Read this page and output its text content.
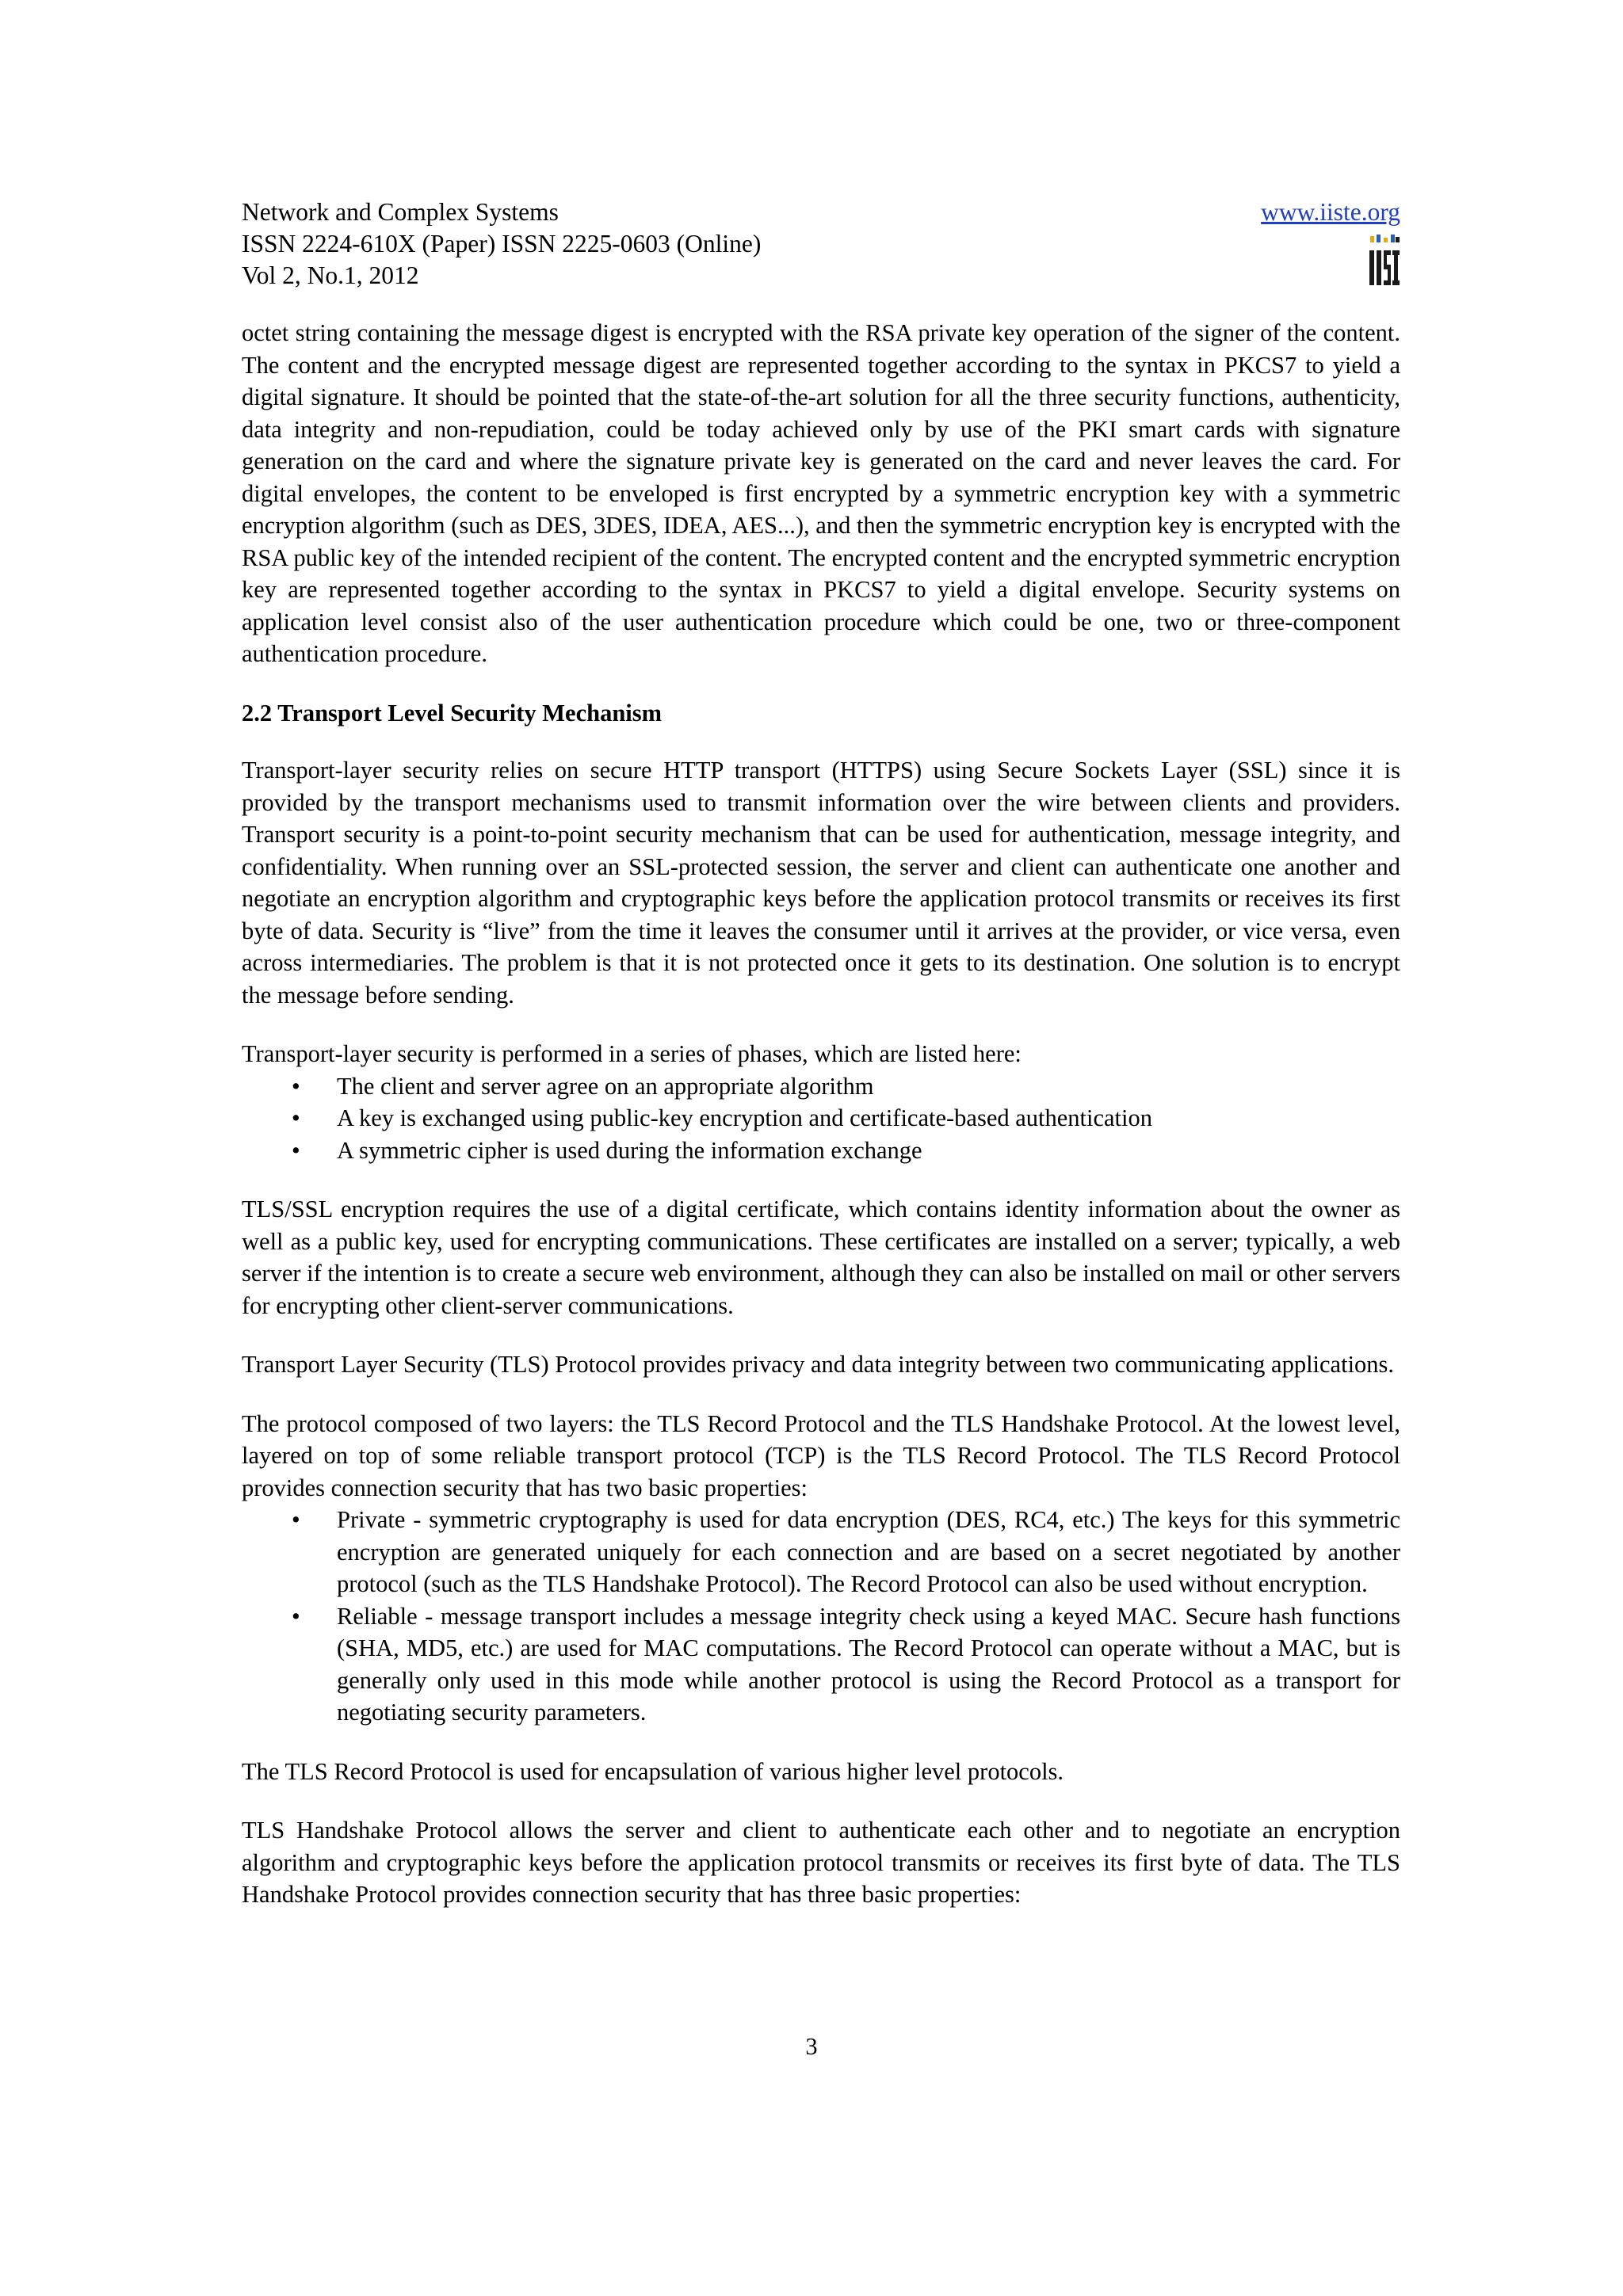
Network and Complex Systems
ISSN 2224-610X (Paper) ISSN 2225-0603 (Online)
Vol 2, No.1, 2012
www.iiste.org

octet string containing the message digest is encrypted with the RSA private key operation of the signer of the content. The content and the encrypted message digest are represented together according to the syntax in PKCS7 to yield a digital signature. It should be pointed that the state-of-the-art solution for all the three security functions, authenticity, data integrity and non-repudiation, could be today achieved only by use of the PKI smart cards with signature generation on the card and where the signature private key is generated on the card and never leaves the card. For digital envelopes, the content to be enveloped is first encrypted by a symmetric encryption key with a symmetric encryption algorithm (such as DES, 3DES, IDEA, AES...), and then the symmetric encryption key is encrypted with the RSA public key of the intended recipient of the content. The encrypted content and the encrypted symmetric encryption key are represented together according to the syntax in PKCS7 to yield a digital envelope. Security systems on application level consist also of the user authentication procedure which could be one, two or three-component authentication procedure.

2.2 Transport Level Security Mechanism

Transport-layer security relies on secure HTTP transport (HTTPS) using Secure Sockets Layer (SSL) since it is provided by the transport mechanisms used to transmit information over the wire between clients and providers. Transport security is a point-to-point security mechanism that can be used for authentication, message integrity, and confidentiality. When running over an SSL-protected session, the server and client can authenticate one another and negotiate an encryption algorithm and cryptographic keys before the application protocol transmits or receives its first byte of data. Security is “live” from the time it leaves the consumer until it arrives at the provider, or vice versa, even across intermediaries. The problem is that it is not protected once it gets to its destination. One solution is to encrypt the message before sending.

Transport-layer security is performed in a series of phases, which are listed here:

• The client and server agree on an appropriate algorithm
• A key is exchanged using public-key encryption and certificate-based authentication
• A symmetric cipher is used during the information exchange

TLS/SSL encryption requires the use of a digital certificate, which contains identity information about the owner as well as a public key, used for encrypting communications. These certificates are installed on a server; typically, a web server if the intention is to create a secure web environment, although they can also be installed on mail or other servers for encrypting other client-server communications.

Transport Layer Security (TLS) Protocol provides privacy and data integrity between two communicating applications.

The protocol composed of two layers: the TLS Record Protocol and the TLS Handshake Protocol. At the lowest level, layered on top of some reliable transport protocol (TCP) is the TLS Record Protocol. The TLS Record Protocol provides connection security that has two basic properties:

• Private - symmetric cryptography is used for data encryption (DES, RC4, etc.) The keys for this symmetric encryption are generated uniquely for each connection and are based on a secret negotiated by another protocol (such as the TLS Handshake Protocol). The Record Protocol can also be used without encryption.
• Reliable - message transport includes a message integrity check using a keyed MAC. Secure hash functions (SHA, MD5, etc.) are used for MAC computations. The Record Protocol can operate without a MAC, but is generally only used in this mode while another protocol is using the Record Protocol as a transport for negotiating security parameters.

The TLS Record Protocol is used for encapsulation of various higher level protocols.

TLS Handshake Protocol allows the server and client to authenticate each other and to negotiate an encryption algorithm and cryptographic keys before the application protocol transmits or receives its first byte of data. The TLS Handshake Protocol provides connection security that has three basic properties:

3
